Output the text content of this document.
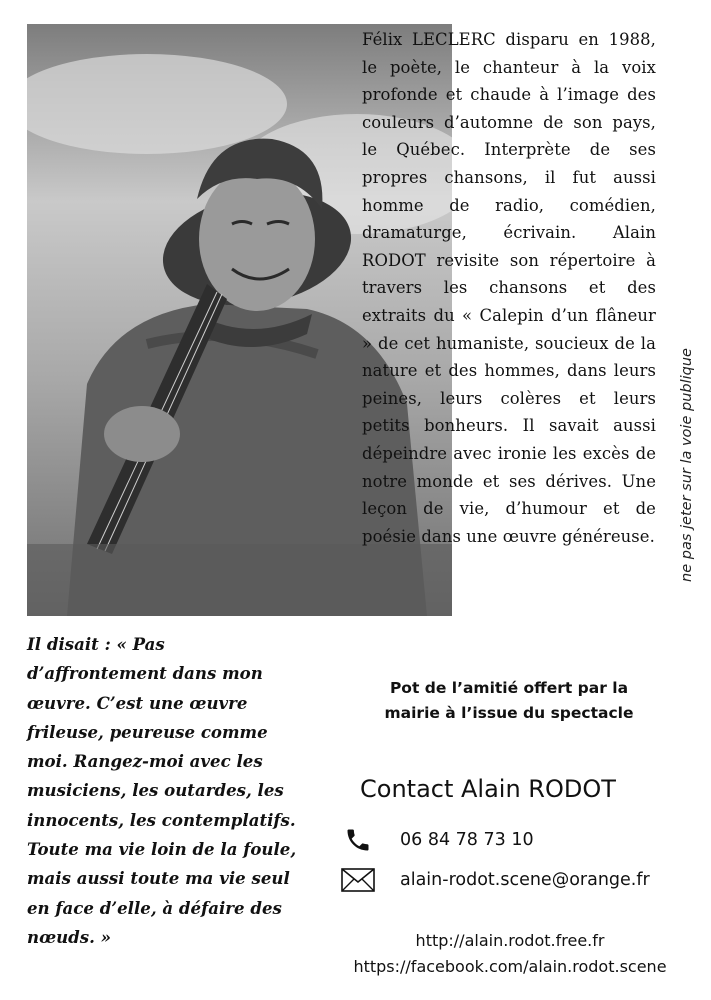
Félix LECLERC disparu en 1988, le poète, le chanteur à la voix profonde et chaude à l’image des couleurs d’automne de son pays, le Québec. Interprète de ses propres chansons, il fut aussi homme de radio, comédien, dramaturge, écrivain. Alain RODOT revisite son répertoire à travers les chansons et des extraits du « Calepin d’un flâneur » de cet humaniste, soucieux de la nature et des hommes, dans leurs peines, leurs colères et leurs petits bonheurs. Il savait aussi dépeindre avec ironie les excès de notre monde et ses dérives. Une leçon de vie, d’humour et de poésie dans une œuvre généreuse. ne pas jeter sur la voie publique
Il disait : « Pas d’affrontement dans mon œuvre. C’est une œuvre frileuse, peureuse comme moi. Rangez-moi avec les musiciens, les outardes, les innocents, les contemplatifs. Toute ma vie loin de la foule, mais aussi toute ma vie seul en face d’elle, à défaire des nœuds. »
Pot de l’amitié offert par la
mairie à l’issue du spectacle
Contact Alain RODOT
06 84 78 73 10
alain-rodot.scene@orange.fr
http://alain.rodot.free.fr
https://facebook.com/alain.rodot.scene
